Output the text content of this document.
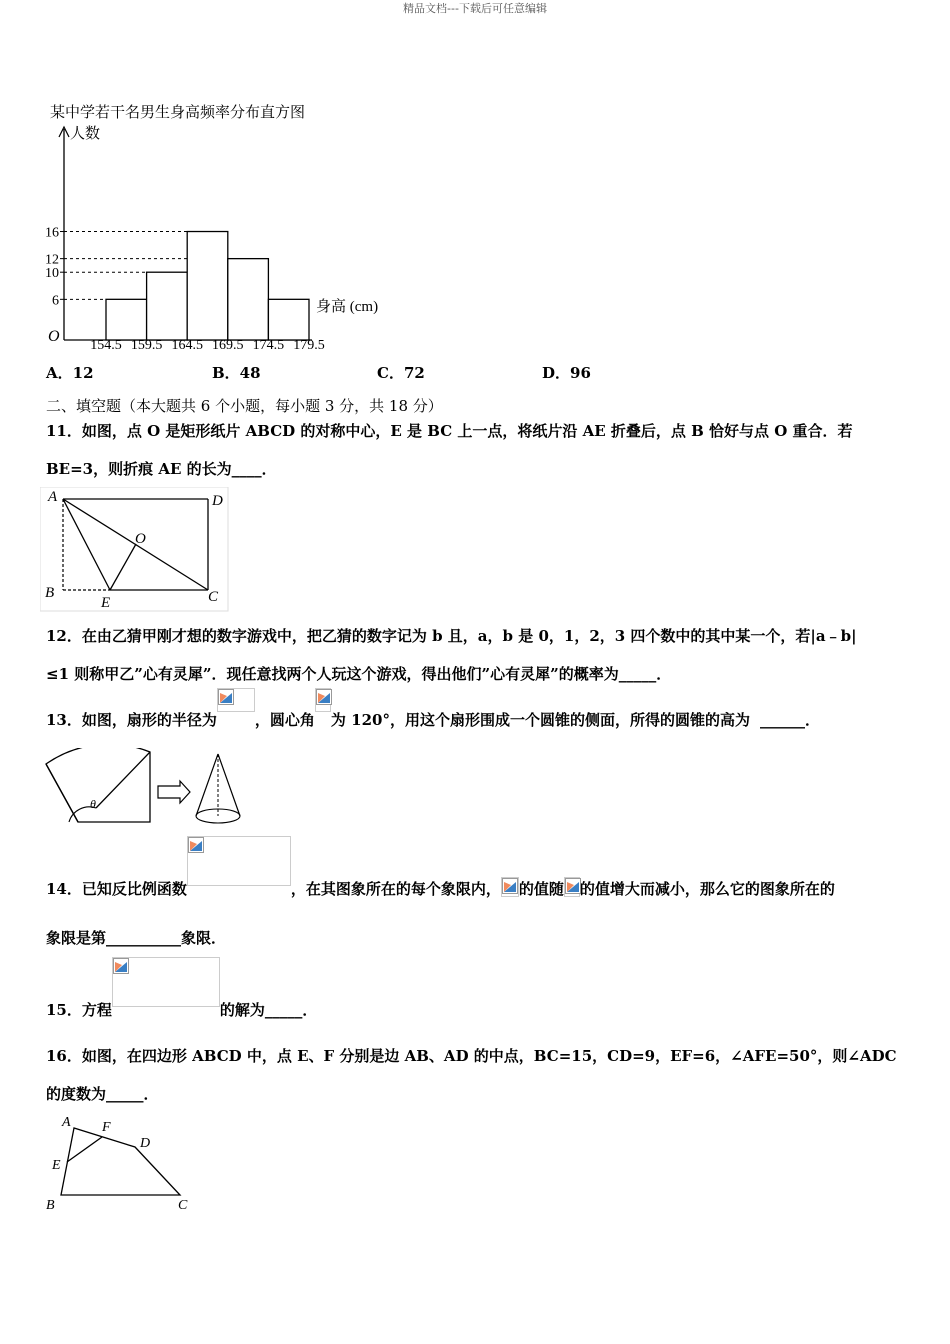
精品文档---下载后可任意编辑
某中学若干名男生身高频率分布直方图
人数
O
身高 (cm)
6
10
12
16
154.5 159.5 164.5 169.5 174.5 179.5
A．12	B．48	C．72	D．96
二、填空题（本大题共 6 个小题，每小题 3 分，共 18 分）
11．如图，点 O 是矩形纸片 ABCD 的对称中心，E 是 BC 上一点，将纸片沿 AE 折叠后，点 B 恰好与点 O 重合．若
BE=3，则折痕 AE 的长为____．
A	D
O
B
E	C
12．在由乙猜甲刚才想的数字游戏中，把乙猜的数字记为 b 且，a，b 是 0，1，2，3 四个数中的其中某一个，若|a﹣b|
≤1 则称甲乙”心有灵犀”．现任意找两个人玩这个游戏，得出他们”心有灵犀”的概率为_____．
13．如图，扇形的半径为	，圆心角 为 120°，用这个扇形围成一个圆锥的侧面，所得的圆锥的高为 ______．
θ
14．已知反比例函数	，在其图象所在的每个象限内， 的值随 的值增大而减小，那么它的图象所在的
象限是第__________象限．
15．方程	的解为_____．
16．如图，在四边形 ABCD 中，点 E、F 分别是边 AB、AD 的中点，BC=15，CD=9，EF=6，∠AFE=50°，则∠ADC
的度数为_____．
A F
D
E
B	C
